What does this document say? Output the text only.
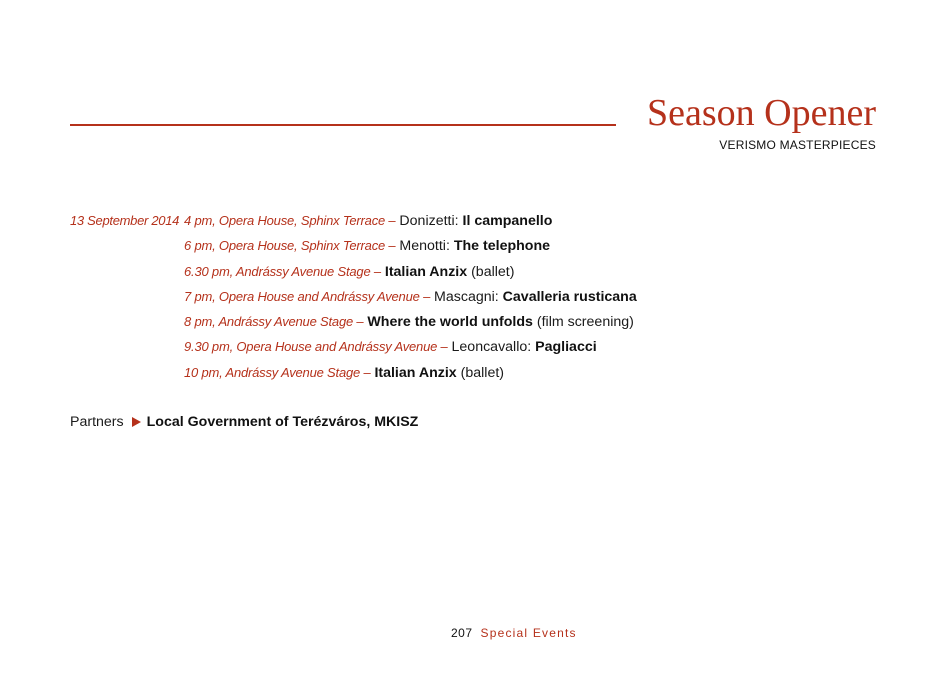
Season Opener
VERISMO MASTERPIECES
13 September 2014 4 pm, Opera House, Sphinx Terrace – Donizetti: Il campanello
6 pm, Opera House, Sphinx Terrace – Menotti: The telephone
6.30 pm, Andrássy Avenue Stage – Italian Anzix (ballet)
7 pm, Opera House and Andrássy Avenue – Mascagni: Cavalleria rusticana
8 pm, Andrássy Avenue Stage – Where the world unfolds (film screening)
9.30 pm, Opera House and Andrássy Avenue – Leoncavallo: Pagliacci
10 pm, Andrássy Avenue Stage – Italian Anzix (ballet)
Partners Local Government of Terézváros, MKISZ
207 Special Events
